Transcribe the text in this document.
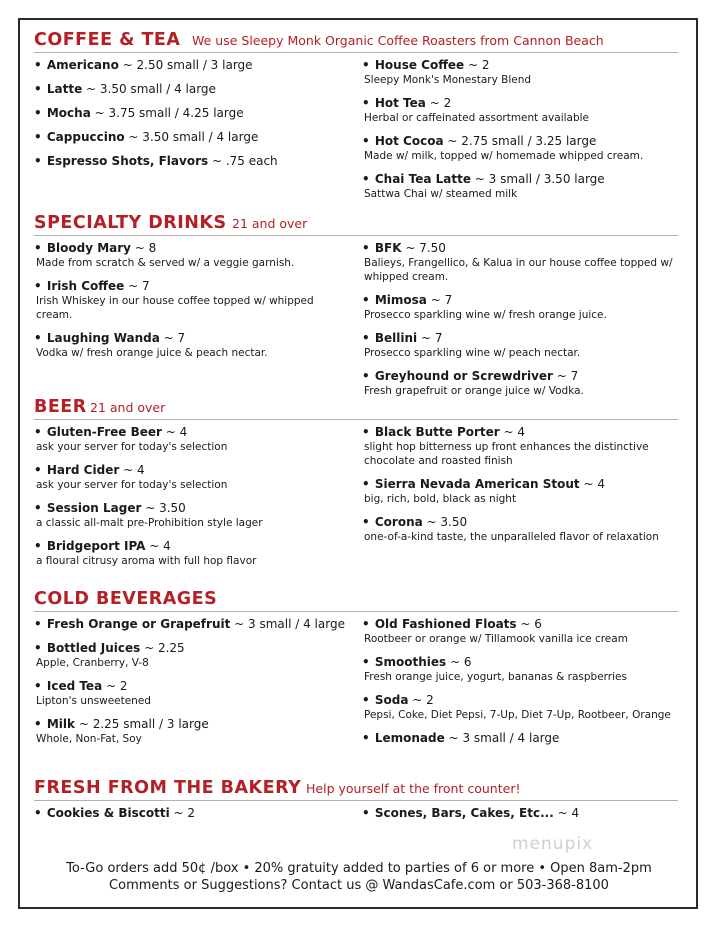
COFFEE & TEA We use Sleepy Monk Organic Coffee Roasters from Cannon Beach
• Americano ~ 2.50 small / 3 large
• Latte ~ 3.50 small / 4 large
• Mocha ~ 3.75 small / 4.25 large
• Cappuccino ~ 3.50 small / 4 large
• Espresso Shots, Flavors ~ .75 each
• House Coffee ~ 2
Sleepy Monk's Monestary Blend
• Hot Tea ~ 2
Herbal or caffeinated assortment available
• Hot Cocoa ~ 2.75 small / 3.25 large
Made w/ milk, topped w/ homemade whipped cream.
• Chai Tea Latte ~ 3 small / 3.50 large
Sattwa Chai w/ steamed milk
SPECIALTY DRINKS 21 and over
• Bloody Mary ~ 8
Made from scratch & served w/ a veggie garnish.
• Irish Coffee ~ 7
Irish Whiskey in our house coffee topped w/ whipped cream.
• Laughing Wanda ~ 7
Vodka w/ fresh orange juice & peach nectar.
• BFK ~ 7.50
Balieys, Frangellico, & Kalua in our house coffee topped w/ whipped cream.
• Mimosa ~ 7
Prosecco sparkling wine w/ fresh orange juice.
• Bellini ~ 7
Prosecco sparkling wine w/ peach nectar.
• Greyhound or Screwdriver ~ 7
Fresh grapefruit or orange juice w/ Vodka.
BEER 21 and over
• Gluten-Free Beer ~ 4
ask your server for today's selection
• Hard Cider ~ 4
ask your server for today's selection
• Session Lager ~ 3.50
a classic all-malt pre-Prohibition style lager
• Bridgeport IPA ~ 4
a floural citrusy aroma with full hop flavor
• Black Butte Porter ~ 4
slight hop bitterness up front enhances the distinctive chocolate and roasted finish
• Sierra Nevada American Stout ~ 4
big, rich, bold, black as night
• Corona ~ 3.50
one-of-a-kind taste, the unparalleled flavor of relaxation
COLD BEVERAGES
• Fresh Orange or Grapefruit ~ 3 small / 4 large
• Bottled Juices ~ 2.25
Apple, Cranberry, V-8
• Iced Tea ~ 2
Lipton's unsweetened
• Milk ~ 2.25 small / 3 large
Whole, Non-Fat, Soy
• Old Fashioned Floats ~ 6
Rootbeer or orange w/ Tillamook vanilla ice cream
• Smoothies ~ 6
Fresh orange juice, yogurt, bananas & raspberries
• Soda ~ 2
Pepsi, Coke, Diet Pepsi, 7-Up, Diet 7-Up, Rootbeer, Orange
• Lemonade ~ 3 small / 4 large
FRESH FROM THE BAKERY Help yourself at the front counter!
• Cookies & Biscotti ~ 2	• Scones, Bars, Cakes, Etc... ~ 4
menupix
To-Go orders add 50¢ /box • 20% gratuity added to parties of 6 or more • Open 8am-2pm
Comments or Suggestions? Contact us @ WandasCafe.com or 503-368-8100
